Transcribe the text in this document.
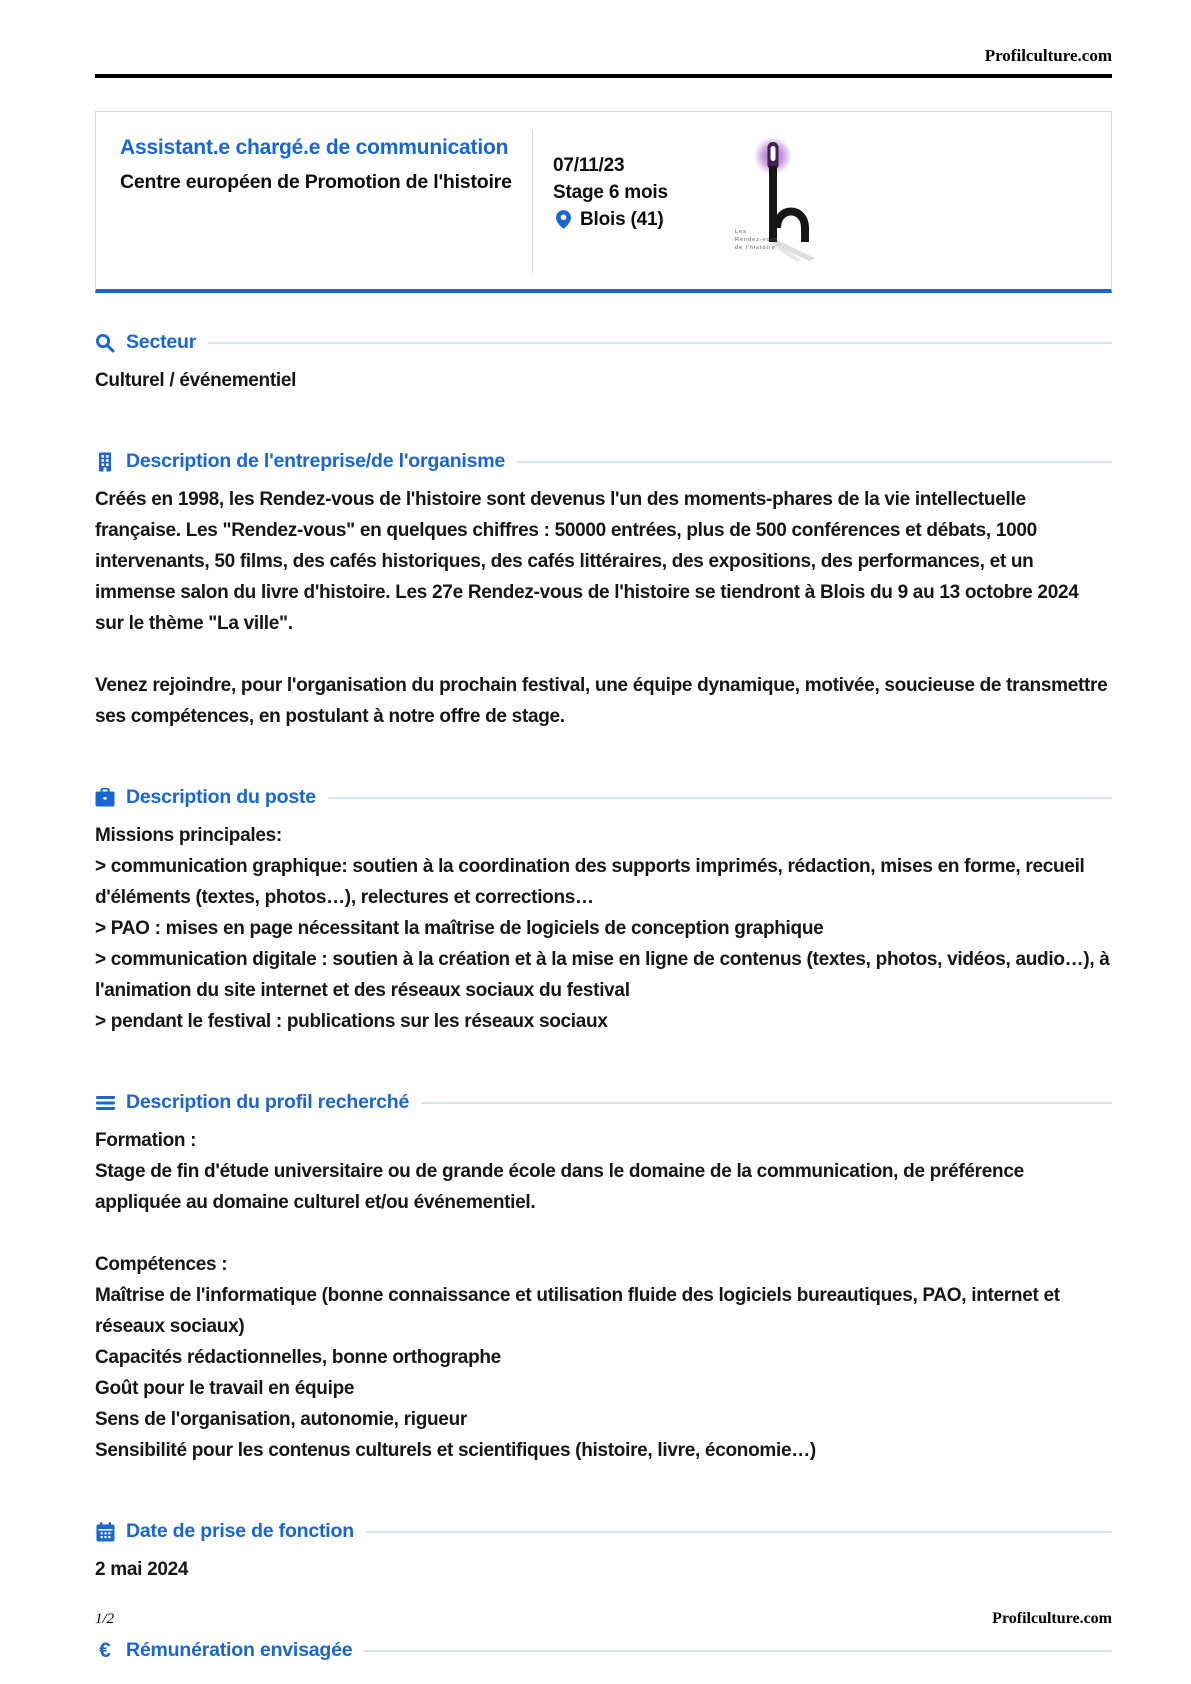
Profilculture.com
Assistant.e chargé.e de communication
Centre européen de Promotion de l'histoire
07/11/23
Stage 6 mois
Blois (41)
Les
Rendez-vous
de l'histoire
Secteur
Culturel / événementiel
Description de l'entreprise/de l'organisme
Créés en 1998, les Rendez-vous de l'histoire sont devenus l'un des moments-phares de la vie intellectuelle française. Les "Rendez-vous" en quelques chiffres : 50000 entrées, plus de 500 conférences et débats, 1000 intervenants, 50 films, des cafés historiques, des cafés littéraires, des expositions, des performances, et un immense salon du livre d'histoire. Les 27e Rendez-vous de l'histoire se tiendront à Blois du 9 au 13 octobre 2024 sur le thème "La ville".
Venez rejoindre, pour l'organisation du prochain festival, une équipe dynamique, motivée, soucieuse de transmettre ses compétences, en postulant à notre offre de stage.
Description du poste
Missions principales:
> communication graphique: soutien à la coordination des supports imprimés, rédaction, mises en forme, recueil d'éléments (textes, photos…), relectures et corrections…
> PAO : mises en page nécessitant la maîtrise de logiciels de conception graphique
> communication digitale : soutien à la création et à la mise en ligne de contenus (textes, photos, vidéos, audio…), à l'animation du site internet et des réseaux sociaux du festival
> pendant le festival : publications sur les réseaux sociaux
Description du profil recherché
Formation :
Stage de fin d'étude universitaire ou de grande école dans le domaine de la communication, de préférence appliquée au domaine culturel et/ou événementiel.
Compétences :
Maîtrise de l'informatique (bonne connaissance et utilisation fluide des logiciels bureautiques, PAO, internet et réseaux sociaux)
Capacités rédactionnelles, bonne orthographe
Goût pour le travail en équipe
Sens de l'organisation, autonomie, rigueur
Sensibilité pour les contenus culturels et scientifiques (histoire, livre, économie…)
Date de prise de fonction
2 mai 2024
€ Rémunération envisagée
1/2	Profilculture.com
